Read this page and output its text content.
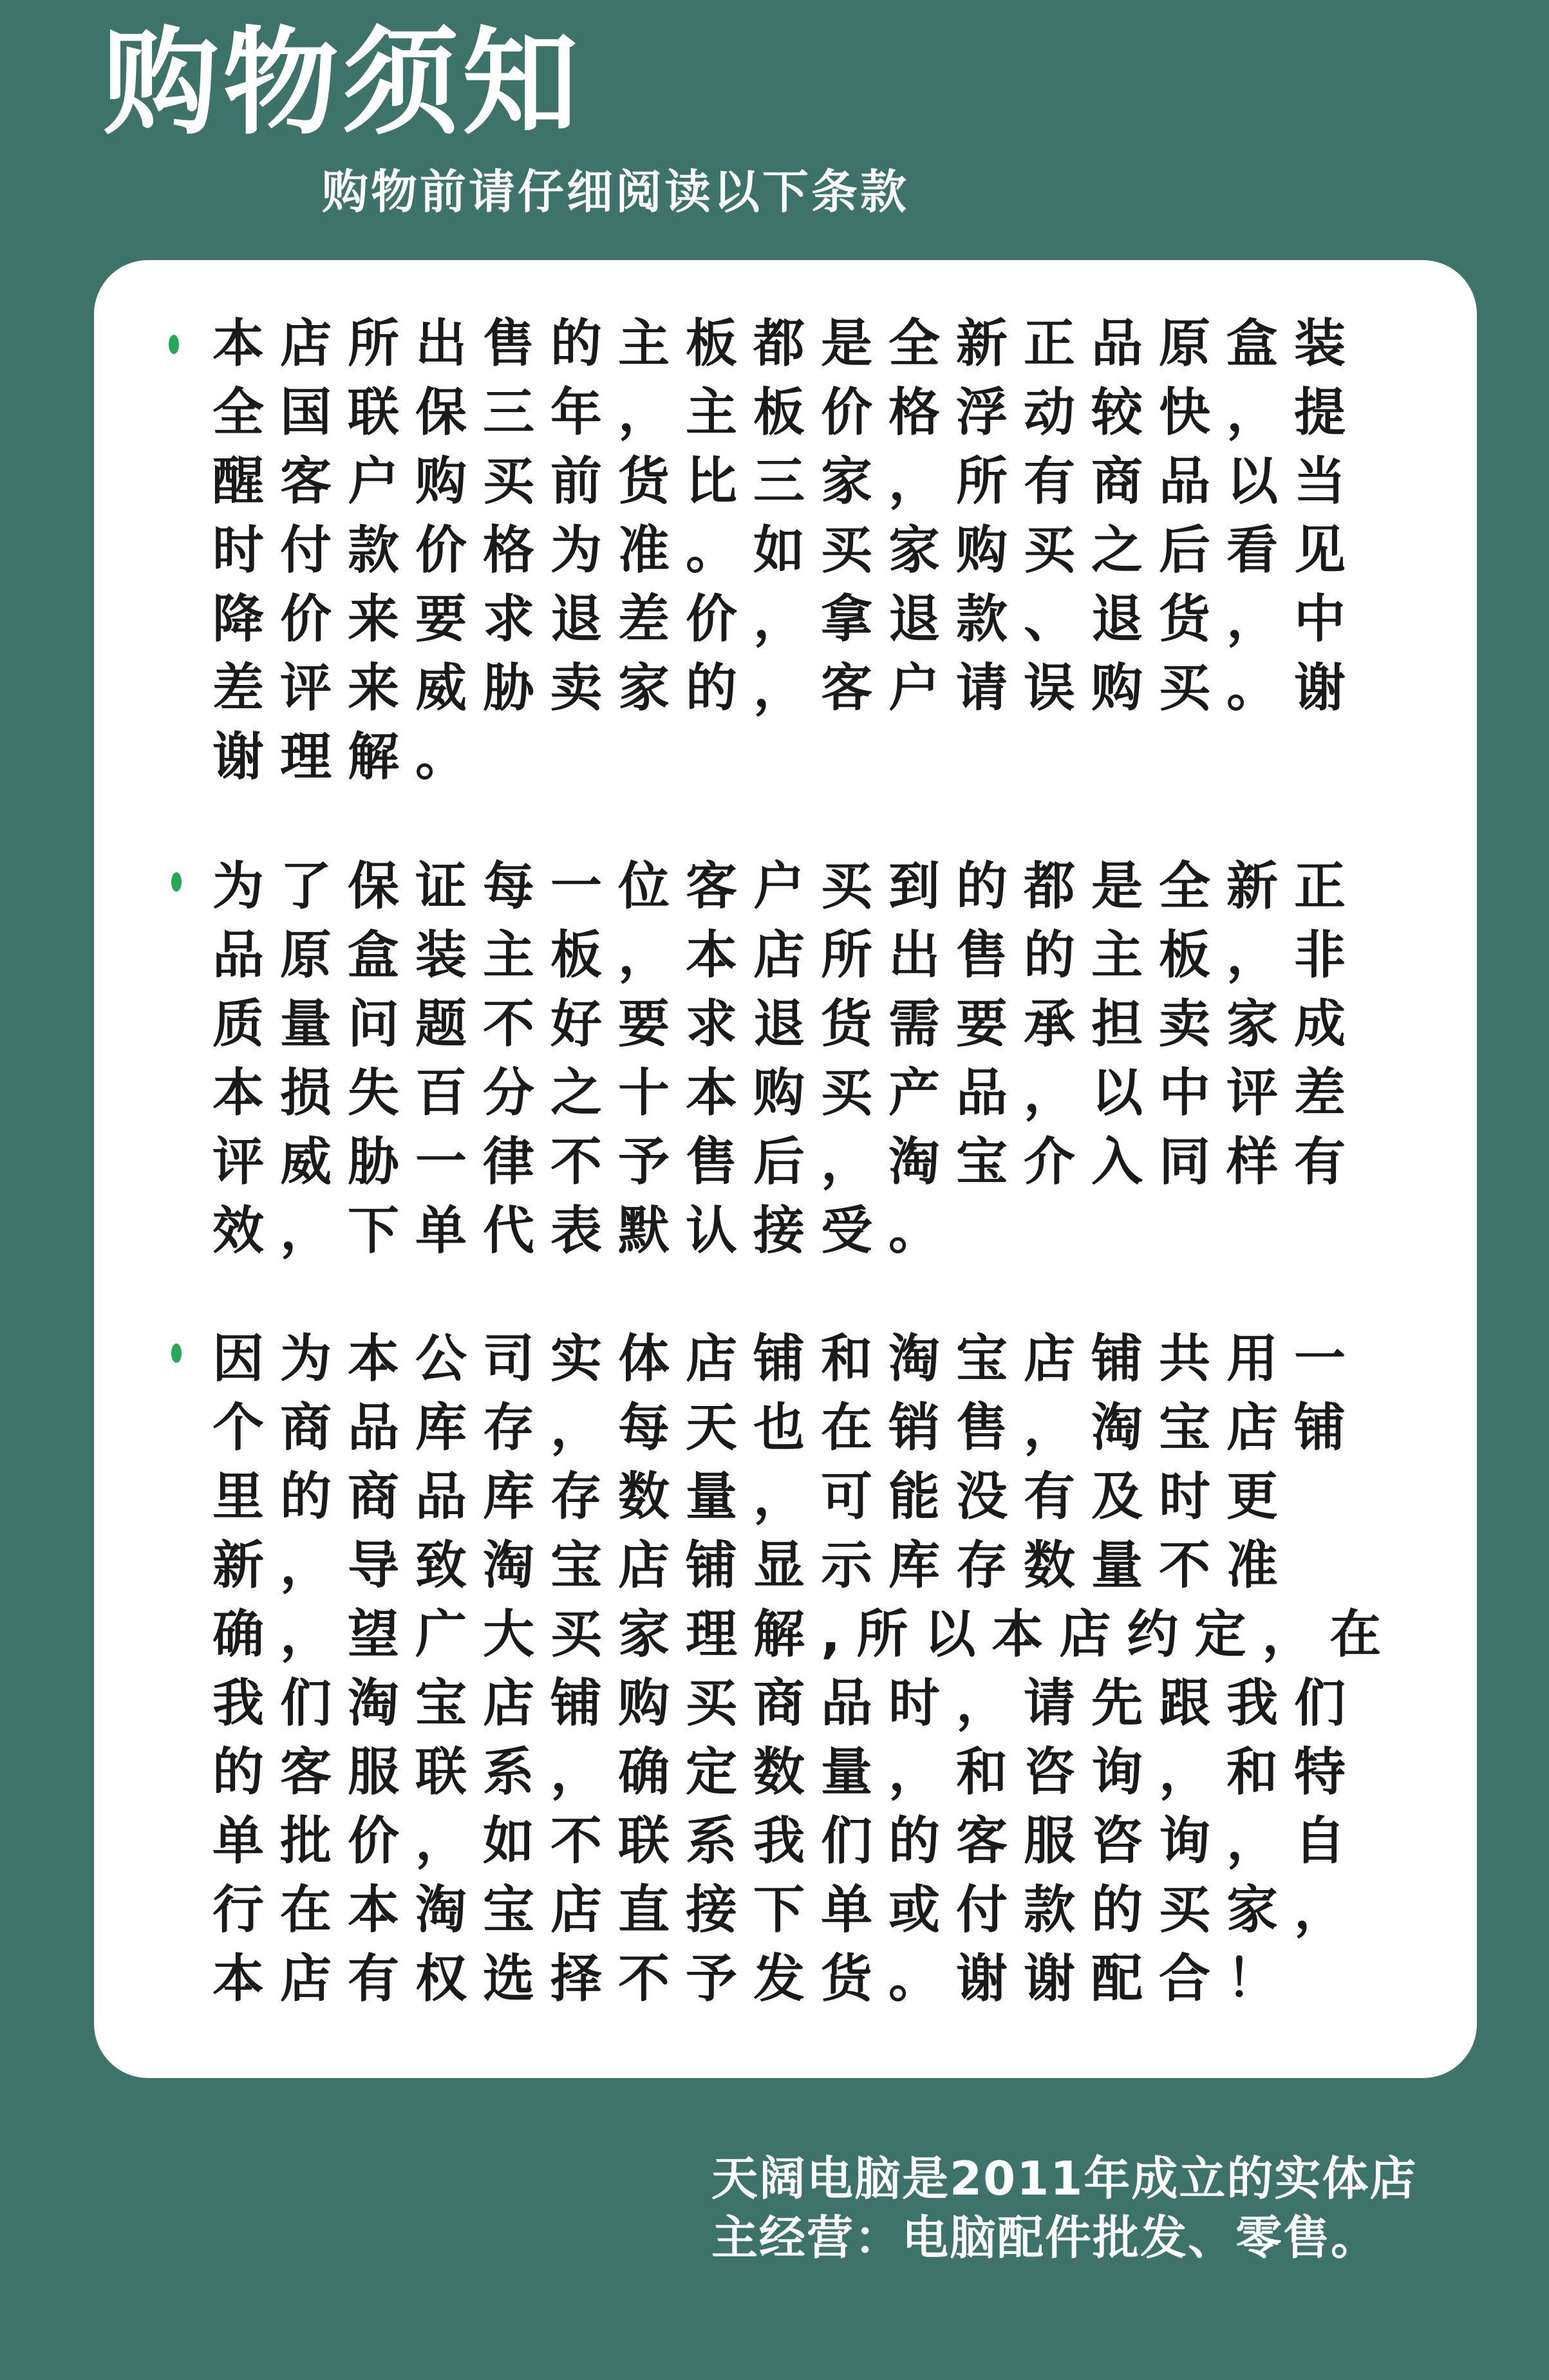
购物须知
购物前请仔细阅读以下条款

本店所出售的主板都是全新正品原盒装全国联保三年，主板价格浮动较快，提醒客户购买前货比三家，所有商品以当时付款价格为准。如买家购买之后看见降价来要求退差价，拿退款、退货，中差评来威胁卖家的，客户请误购买。谢谢理解。

为了保证每一位客户买到的都是全新正品原盒装主板，本店所出售的主板，非质量问题不好要求退货需要承担卖家成本损失百分之十本购买产品，以中评差评威胁一律不予售后，淘宝介入同样有效，下单代表默认接受。

因为本公司实体店铺和淘宝店铺共用一个商品库存，每天也在销售，淘宝店铺里的商品库存数量，可能没有及时更新，导致淘宝店铺显示库存数量不准确，望广大买家理解,所以本店约定，在我们淘宝店铺购买商品时，请先跟我们的客服联系，确定数量，和咨询，和特单批价，如不联系我们的客服咨询，自行在本淘宝店直接下单或付款的买家，本店有权选择不予发货。谢谢配合！

天阔电脑是2011年成立的实体店
主经营：电脑配件批发、零售。
